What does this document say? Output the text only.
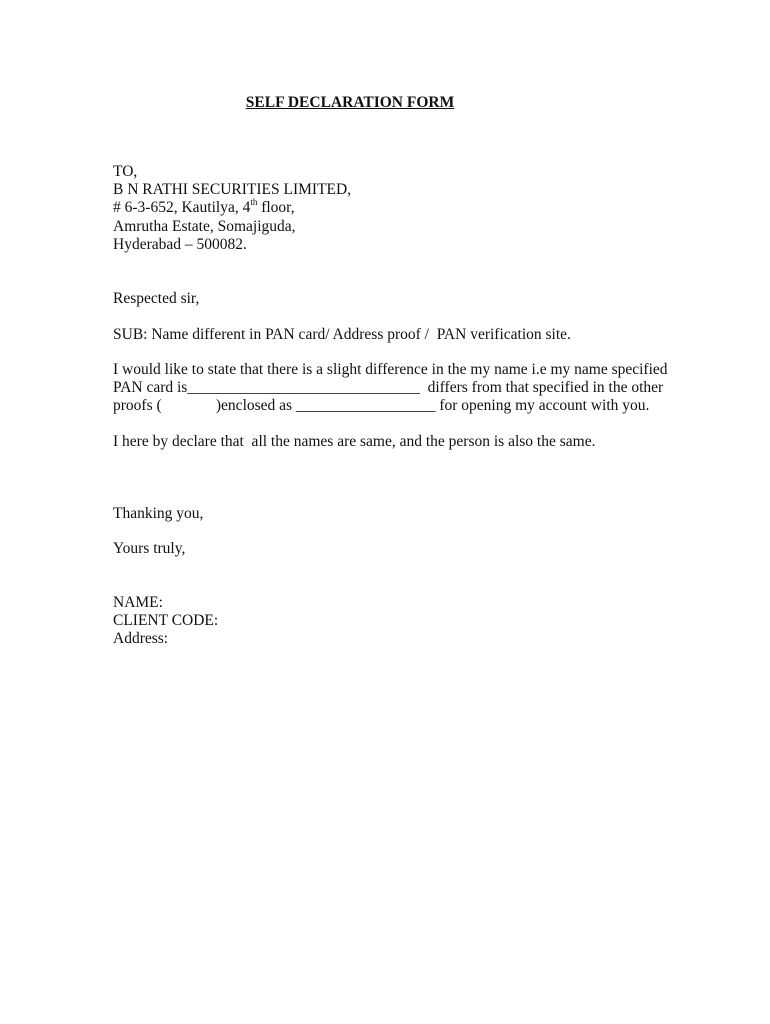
SELF DECLARATION FORM
TO,
B N RATHI SECURITIES LIMITED,
# 6-3-652, Kautilya, 4th floor,
Amrutha Estate, Somajiguda,
Hyderabad – 500082.
Respected sir,
SUB: Name different in PAN card/ Address proof /  PAN verification site.
I would like to state that there is a slight difference in the my name i.e my name specified
PAN card is______________________________  differs from that specified in the other
proofs (              )enclosed as __________________ for opening my account with you.
I here by declare that  all the names are same, and the person is also the same.
Thanking you,
Yours truly,
NAME:
CLIENT CODE:
Address:
